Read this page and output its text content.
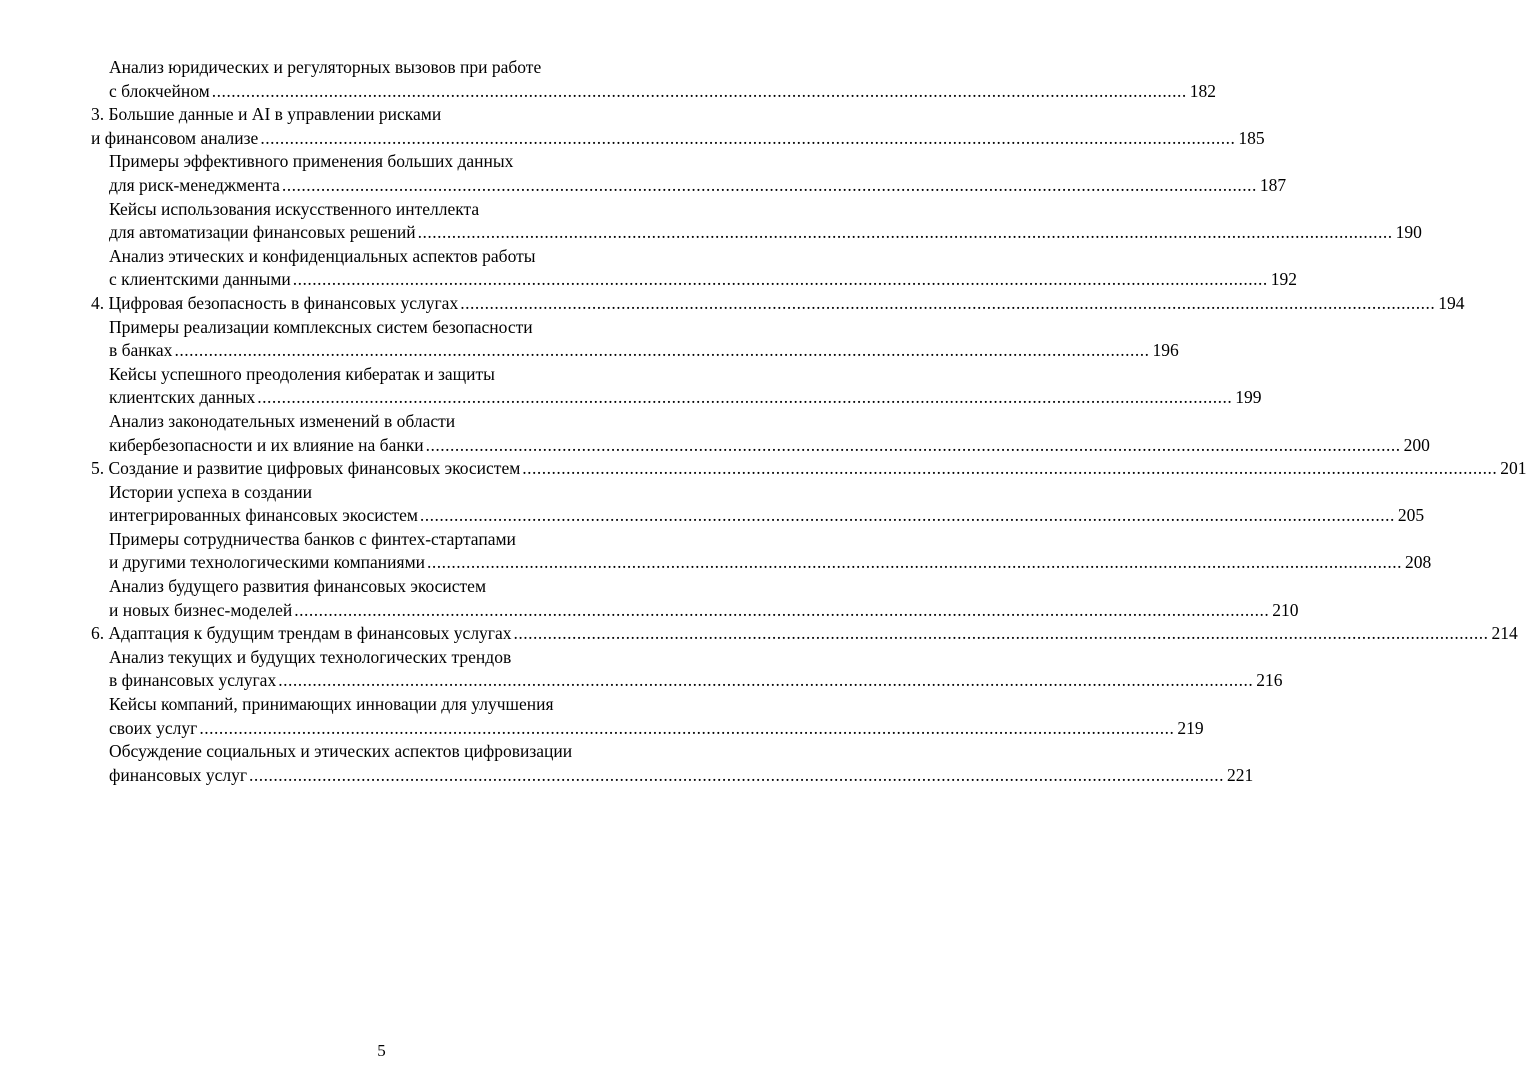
Анализ юридических и регуляторных вызовов при работе
с блокчейном ........................................................................................................................................................................................................ 182
3. Большие данные и AI в управлении рисками
и финансовом анализе ........................................................................................................................................................................................................ 185
Примеры эффективного применения больших данных
для риск-менеджмента ........................................................................................................................................................................................................ 187
Кейсы использования искусственного интеллекта
для автоматизации финансовых решений ........................................................................................................................................................................................................ 190
Анализ этических и конфиденциальных аспектов работы
с клиентскими данными ........................................................................................................................................................................................................ 192
4. Цифровая безопасность в финансовых услугах ........................................................................................................................................................................................................ 194
Примеры реализации комплексных систем безопасности
в банках ........................................................................................................................................................................................................ 196
Кейсы успешного преодоления кибератак и защиты
клиентских данных ........................................................................................................................................................................................................ 199
Анализ законодательных изменений в области
кибербезопасности и их влияние на банки ........................................................................................................................................................................................................ 200
5. Создание и развитие цифровых финансовых экосистем ........................................................................................................................................................................................................ 201
Истории успеха в создании
интегрированных финансовых экосистем ........................................................................................................................................................................................................ 205
Примеры сотрудничества банков с финтех-стартапами
и другими технологическими компаниями ........................................................................................................................................................................................................ 208
Анализ будущего развития финансовых экосистем
и новых бизнес-моделей ........................................................................................................................................................................................................ 210
6. Адаптация к будущим трендам в финансовых услугах ........................................................................................................................................................................................................ 214
Анализ текущих и будущих технологических трендов
в финансовых услугах ........................................................................................................................................................................................................ 216
Кейсы компаний, принимающих инновации для улучшения
своих услуг ........................................................................................................................................................................................................ 219
Обсуждение социальных и этических аспектов цифровизации
финансовых услуг ........................................................................................................................................................................................................ 221
5
